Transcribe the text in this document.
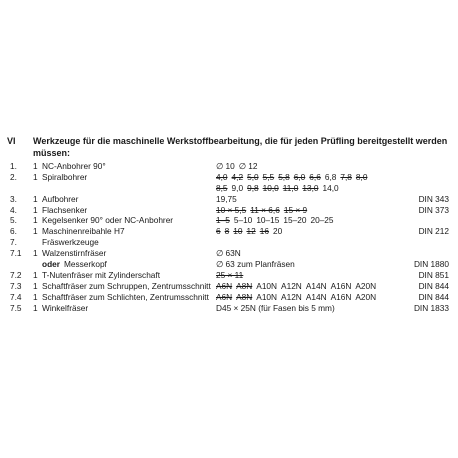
VI Werkzeuge für die maschinelle Werkstoffbearbeitung, die für jeden Prüfling bereitgestellt werden müssen:
1. 1 NC-Anbohrer 90°	∅ 10 ∅ 12
2. 1 Spiralbohrer	4,0 4,2 5,0 5,5 5,8 6,0 6,6 6,8 7,8 8,0
8,5 9,0 9,8 10,0 11,0 13,0 14,0
3. 1 Aufbohrer	19,75	DIN 343
4. 1 Flachsenker	10 × 5,5 11 × 6,6 15 × 9	DIN 373
5. 1 Kegelsenker 90° oder NC-Anbohrer	1–5 5–10 10–15 15–20 20–25
6. 1 Maschinenreibahle H7	6 8 10 12 16 20	DIN 212
7.	Fräswerkzeuge
7.1 1 Walzenstirnfräser	∅ 63N
oder Messerkopf	∅ 63 zum Planfräsen	DIN 1880
7.2 1 T-Nutenfräser mit Zylinderschaft	25 × 11	DIN 851
7.3 1 Schaftfräser zum Schruppen, Zentrumsschnitt A6N A8N A10N A12N A14N A16N A20N	DIN 844
7.4 1 Schaftfräser zum Schlichten, Zentrumsschnitt A6N A8N A10N A12N A14N A16N A20N	DIN 844
7.5 1 Winkelfräser	D45 × 25N (für Fasen bis 5 mm)	DIN 1833
